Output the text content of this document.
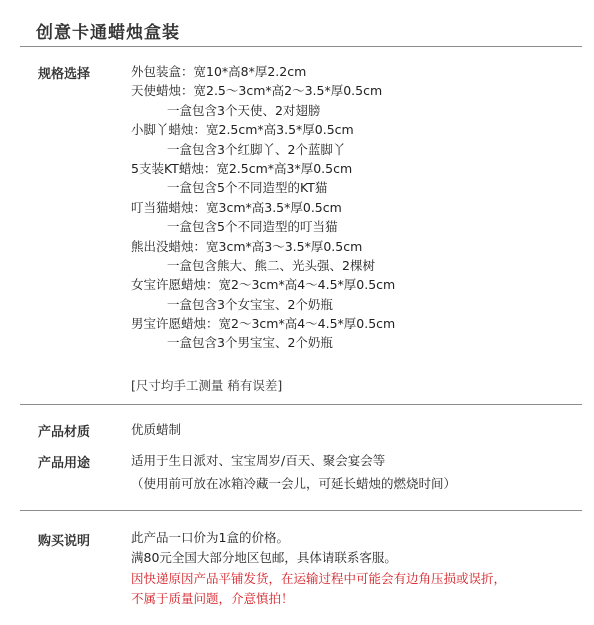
创意卡通蜡烛盒装
规格选择	外包装盒：宽10*高8*厚2.2cm
天使蜡烛：宽2.5～3cm*高2～3.5*厚0.5cm
一盒包含3个天使、2对翅膀
小脚丫蜡烛：宽2.5cm*高3.5*厚0.5cm
一盒包含3个红脚丫、2个蓝脚丫
5支装KT蜡烛：宽2.5cm*高3*厚0.5cm
一盒包含5个不同造型的KT猫
叮当猫蜡烛：宽3cm*高3.5*厚0.5cm
一盒包含5个不同造型的叮当猫
熊出没蜡烛：宽3cm*高3～3.5*厚0.5cm
一盒包含熊大、熊二、光头强、2棵树
女宝许愿蜡烛：宽2～3cm*高4～4.5*厚0.5cm
一盒包含3个女宝宝、2个奶瓶
男宝许愿蜡烛：宽2～3cm*高4～4.5*厚0.5cm
一盒包含3个男宝宝、2个奶瓶
[尺寸均手工测量 稍有误差]
产品材质	优质蜡制
产品用途	适用于生日派对、宝宝周岁/百天、聚会宴会等
（使用前可放在冰箱冷藏一会儿，可延长蜡烛的燃烧时间）
购买说明	此产品一口价为1盒的价格。
满80元全国大部分地区包邮，具体请联系客服。
因快递原因产品平铺发货，在运输过程中可能会有边角压损或误折，
不属于质量问题，介意慎拍！
